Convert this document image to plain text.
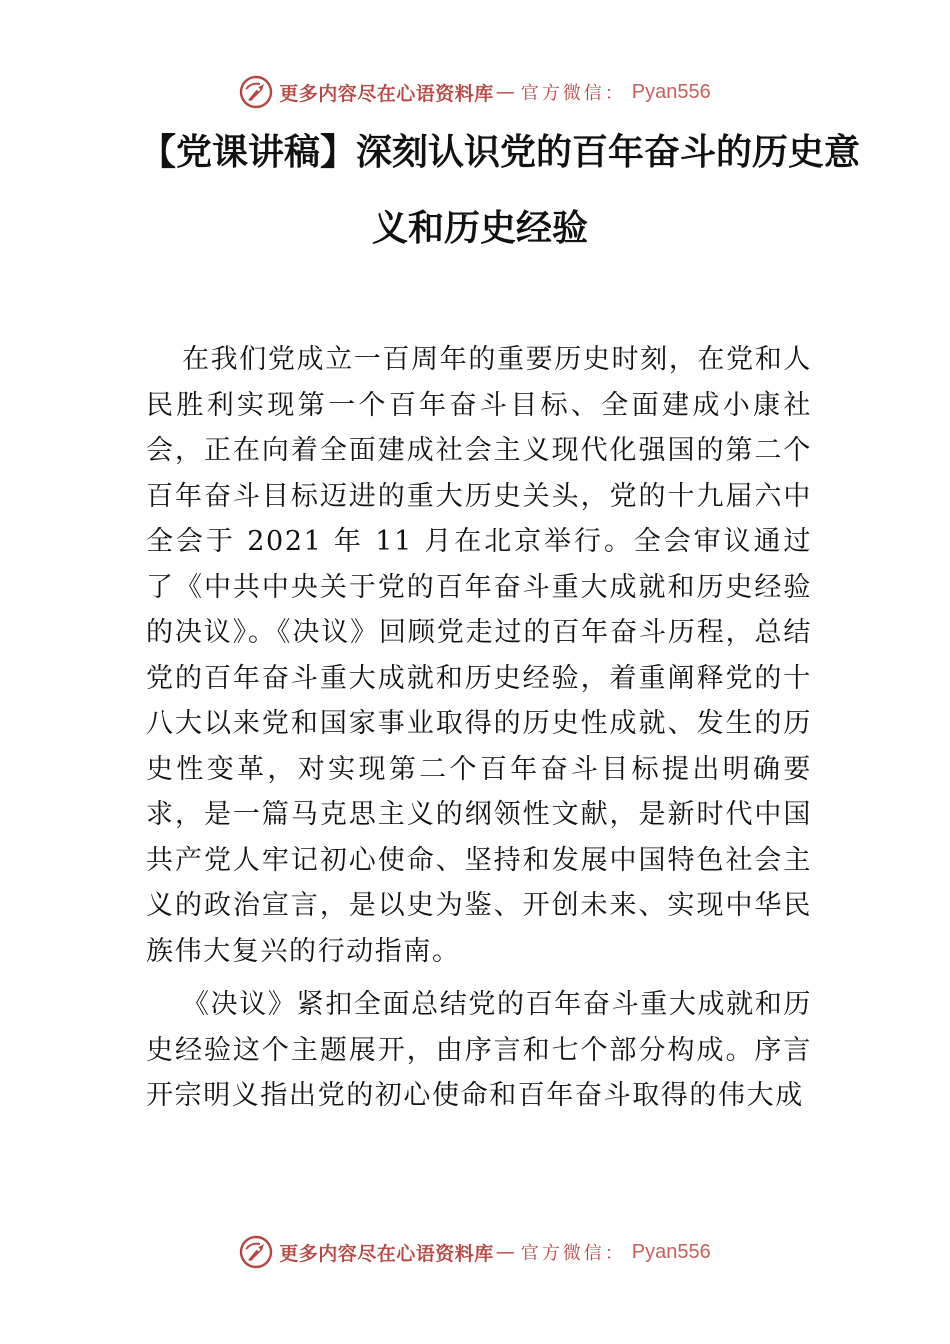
更多内容尽在心语资料库 — 官方微信： Pyan556
【党课讲稿】深刻认识党的百年奋斗的历史意
义和历史经验

在我们党成立一百周年的重要历史时刻，在党和人民胜利实现第一个百年奋斗目标、全面建成小康社会，正在向着全面建成社会主义现代化强国的第二个百年奋斗目标迈进的重大历史关头，党的十九届六中全会于 2021 年 11 月在北京举行。全会审议通过了《中共中央关于党的百年奋斗重大成就和历史经验的决议》。《决议》回顾党走过的百年奋斗历程，总结党的百年奋斗重大成就和历史经验，着重阐释党的十八大以来党和国家事业取得的历史性成就、发生的历史性变革，对实现第二个百年奋斗目标提出明确要求，是一篇马克思主义的纲领性文献，是新时代中国共产党人牢记初心使命、坚持和发展中国特色社会主义的政治宣言，是以史为鉴、开创未来、实现中华民族伟大复兴的行动指南。

《决议》紧扣全面总结党的百年奋斗重大成就和历史经验这个主题展开，由序言和七个部分构成。序言开宗明义指出党的初心使命和百年奋斗取得的伟大成

更多内容尽在心语资料库 — 官方微信： Pyan556
